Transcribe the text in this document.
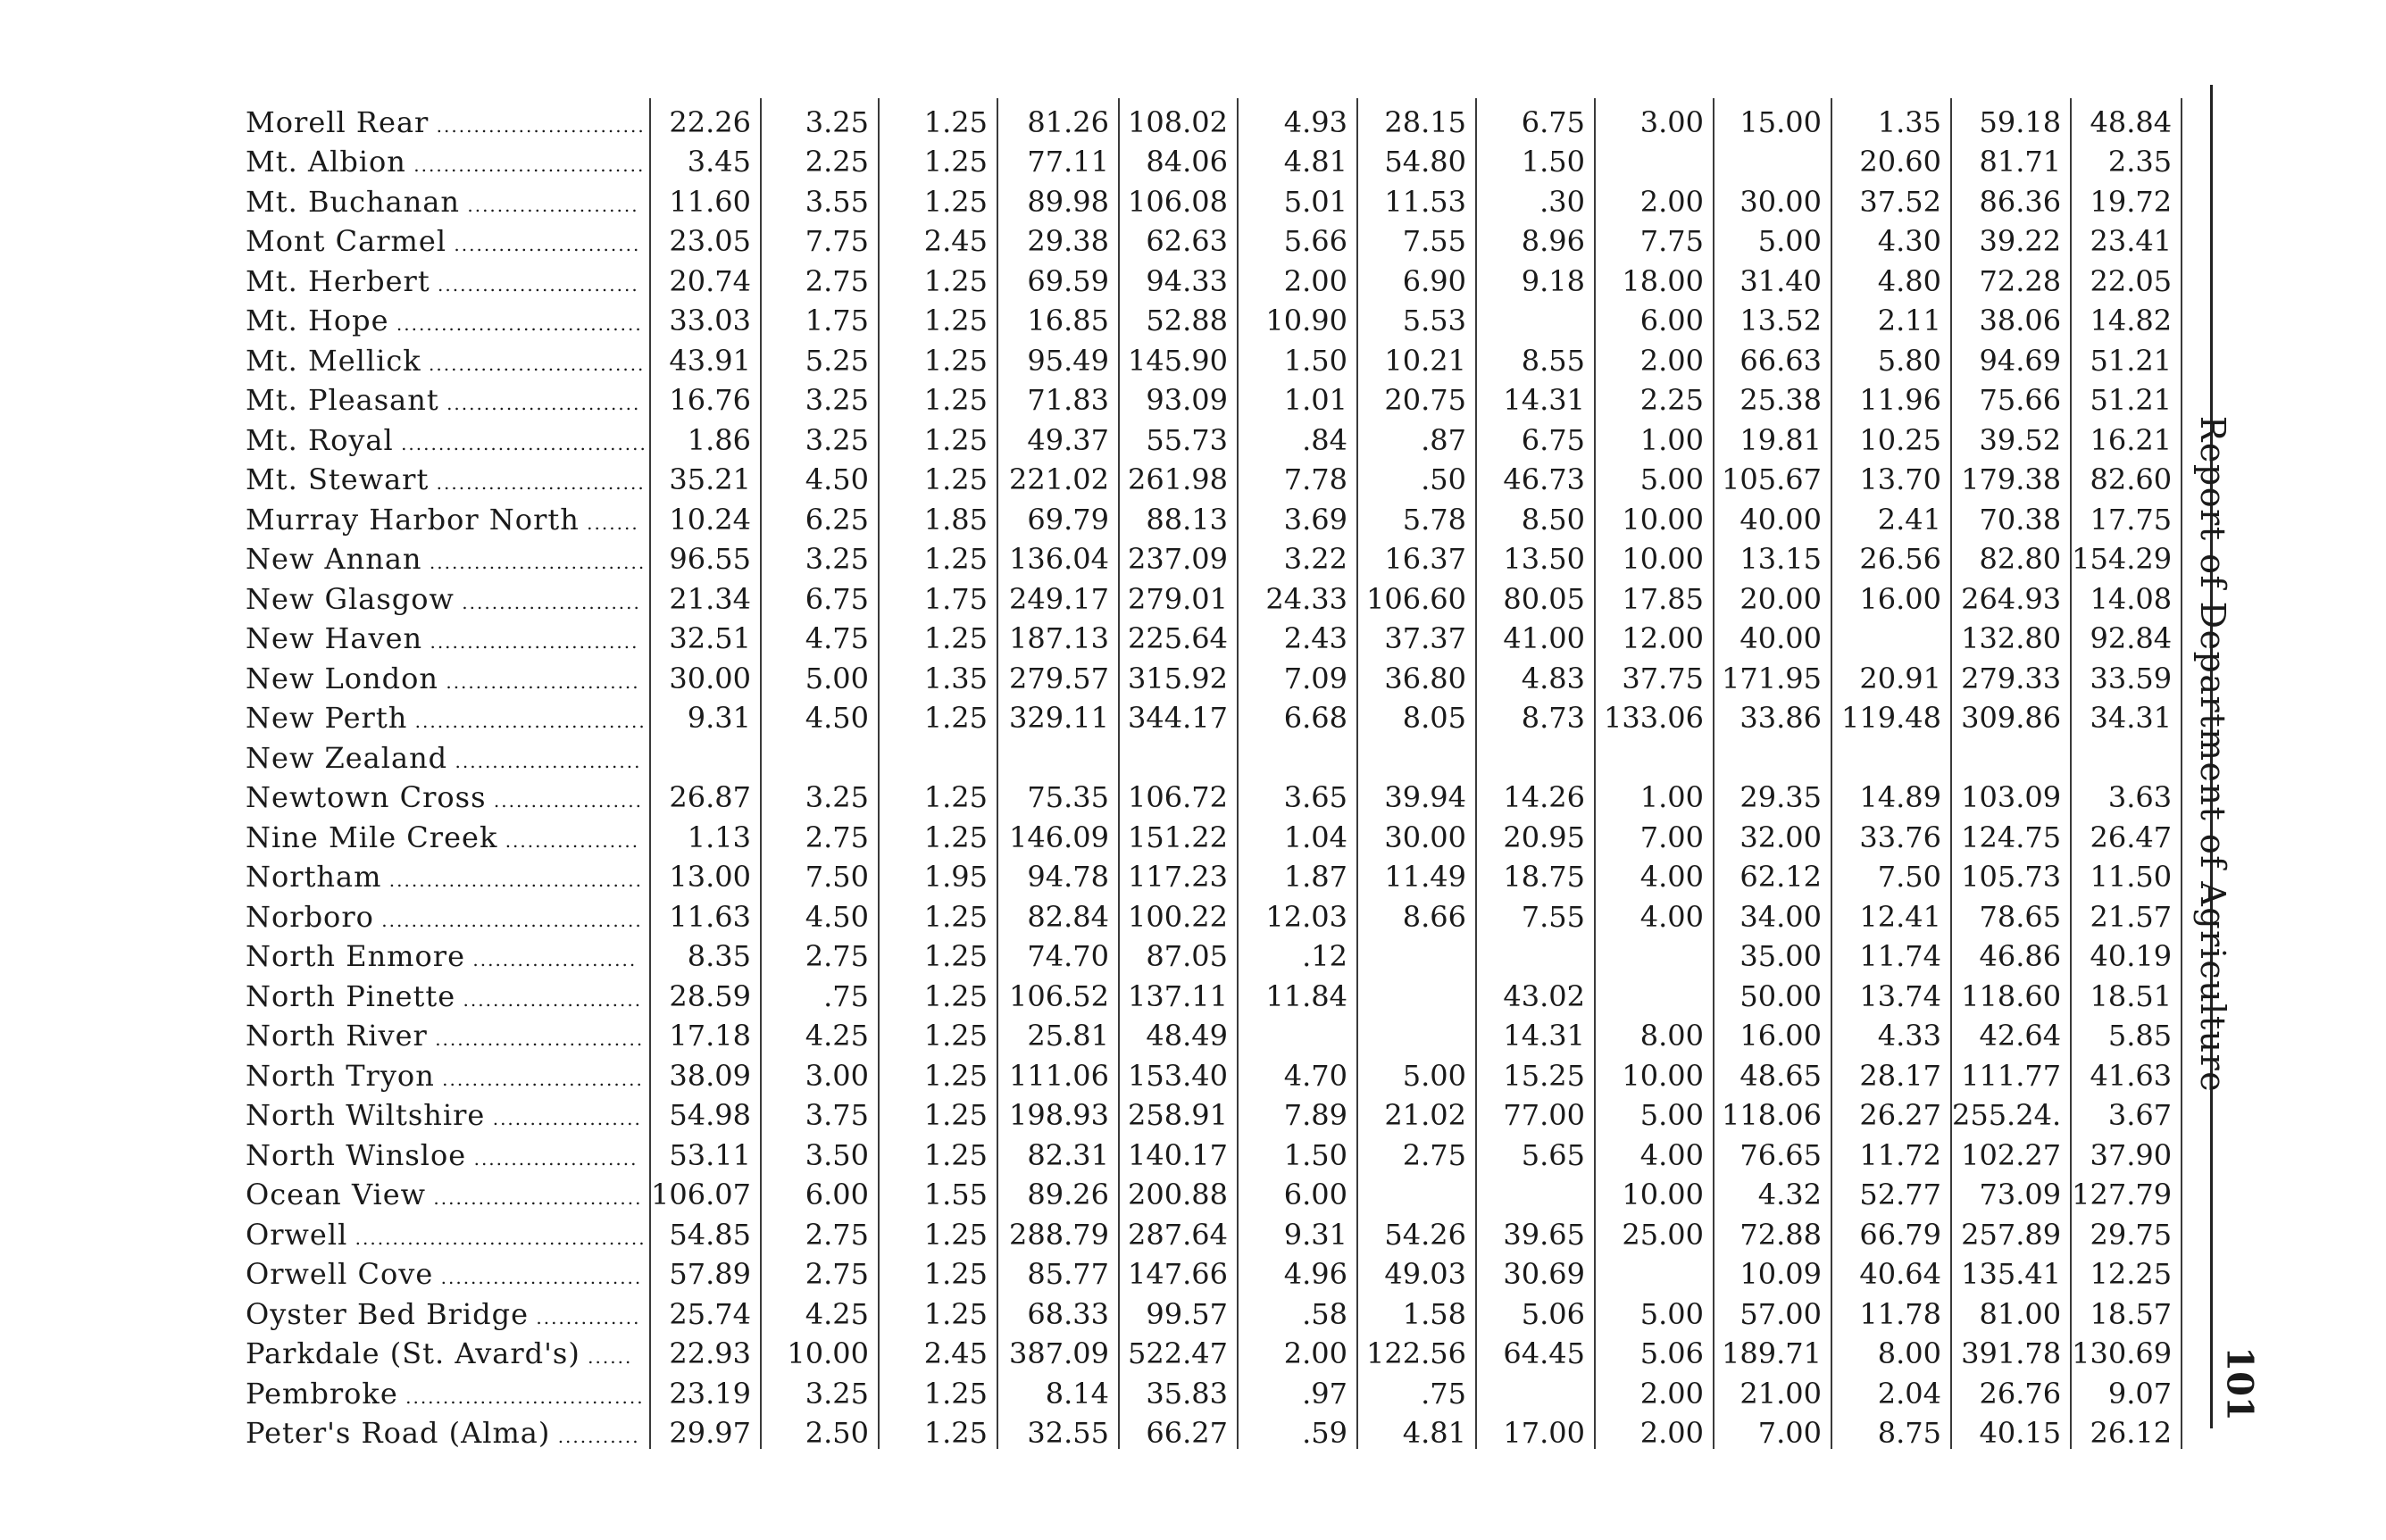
Morell Rear ............................	22.26	3.25	1.25	81.26	108.02	4.93	28.15	6.75	3.00	15.00	1.35	59.18	48.84
Mt. Albion ...............................	3.45	2.25	1.25	77.11	84.06	4.81	54.80	1.50			20.60	81.71	2.35
Mt. Buchanan .......................	11.60	3.55	1.25	89.98	106.08	5.01	11.53	.30	2.00	30.00	37.52	86.36	19.72
Mont Carmel .........................	23.05	7.75	2.45	29.38	62.63	5.66	7.55	8.96	7.75	5.00	4.30	39.22	23.41
Mt. Herbert ...........................	20.74	2.75	1.25	69.59	94.33	2.00	6.90	9.18	18.00	31.40	4.80	72.28	22.05
Mt. Hope .................................	33.03	1.75	1.25	16.85	52.88	10.90	5.53		6.00	13.52	2.11	38.06	14.82
Mt. Mellick .............................	43.91	5.25	1.25	95.49	145.90	1.50	10.21	8.55	2.00	66.63	5.80	94.69	51.21
Mt. Pleasant ..........................	16.76	3.25	1.25	71.83	93.09	1.01	20.75	14.31	2.25	25.38	11.96	75.66	51.21
Mt. Royal .................................	1.86	3.25	1.25	49.37	55.73	.84	.87	6.75	1.00	19.81	10.25	39.52	16.21
Mt. Stewart ............................	35.21	4.50	1.25	221.02	261.98	7.78	.50	46.73	5.00	105.67	13.70	179.38	82.60
Murray Harbor North .......	10.24	6.25	1.85	69.79	88.13	3.69	5.78	8.50	10.00	40.00	2.41	70.38	17.75
New Annan .............................	96.55	3.25	1.25	136.04	237.09	3.22	16.37	13.50	10.00	13.15	26.56	82.80	154.29
New Glasgow ........................	21.34	6.75	1.75	249.17	279.01	24.33	106.60	80.05	17.85	20.00	16.00	264.93	14.08
New Haven ............................	32.51	4.75	1.25	187.13	225.64	2.43	37.37	41.00	12.00	40.00		132.80	92.84
New London ..........................	30.00	5.00	1.35	279.57	315.92	7.09	36.80	4.83	37.75	171.95	20.91	279.33	33.59
New Perth ...............................	9.31	4.50	1.25	329.11	344.17	6.68	8.05	8.73	133.06	33.86	119.48	309.86	34.31
New Zealand .........................													
Newtown Cross ....................	26.87	3.25	1.25	75.35	106.72	3.65	39.94	14.26	1.00	29.35	14.89	103.09	3.63
Nine Mile Creek ..................	1.13	2.75	1.25	146.09	151.22	1.04	30.00	20.95	7.00	32.00	33.76	124.75	26.47
Northam ..................................	13.00	7.50	1.95	94.78	117.23	1.87	11.49	18.75	4.00	62.12	7.50	105.73	11.50
Norboro ...................................	11.63	4.50	1.25	82.84	100.22	12.03	8.66	7.55	4.00	34.00	12.41	78.65	21.57
North Enmore ......................	8.35	2.75	1.25	74.70	87.05	.12				35.00	11.74	46.86	40.19
North Pinette ........................	28.59	.75	1.25	106.52	137.11	11.84		43.02		50.00	13.74	118.60	18.51
North River ............................	17.18	4.25	1.25	25.81	48.49			14.31	8.00	16.00	4.33	42.64	5.85
North Tryon ...........................	38.09	3.00	1.25	111.06	153.40	4.70	5.00	15.25	10.00	48.65	28.17	111.77	41.63
North Wiltshire ....................	54.98	3.75	1.25	198.93	258.91	7.89	21.02	77.00	5.00	118.06	26.27	255.24.	3.67
North Winsloe ......................	53.11	3.50	1.25	82.31	140.17	1.50	2.75	5.65	4.00	76.65	11.72	102.27	37.90
Ocean View ............................	106.07	6.00	1.55	89.26	200.88	6.00			10.00	4.32	52.77	73.09	127.79
Orwell .......................................	54.85	2.75	1.25	288.79	287.64	9.31	54.26	39.65	25.00	72.88	66.79	257.89	29.75
Orwell Cove ...........................	57.89	2.75	1.25	85.77	147.66	4.96	49.03	30.69		10.09	40.64	135.41	12.25
Oyster Bed Bridge ..............	25.74	4.25	1.25	68.33	99.57	.58	1.58	5.06	5.00	57.00	11.78	81.00	18.57
Parkdale (St. Avard's) ......	22.93	10.00	2.45	387.09	522.47	2.00	122.56	64.45	5.06	189.71	8.00	391.78	130.69
Pembroke ................................	23.19	3.25	1.25	8.14	35.83	.97	.75		2.00	21.00	2.04	26.76	9.07
Peter's Road (Alma) ...........	29.97	2.50	1.25	32.55	66.27	.59	4.81	17.00	2.00	7.00	8.75	40.15	26.12
Report of Department of Agriculture
101
